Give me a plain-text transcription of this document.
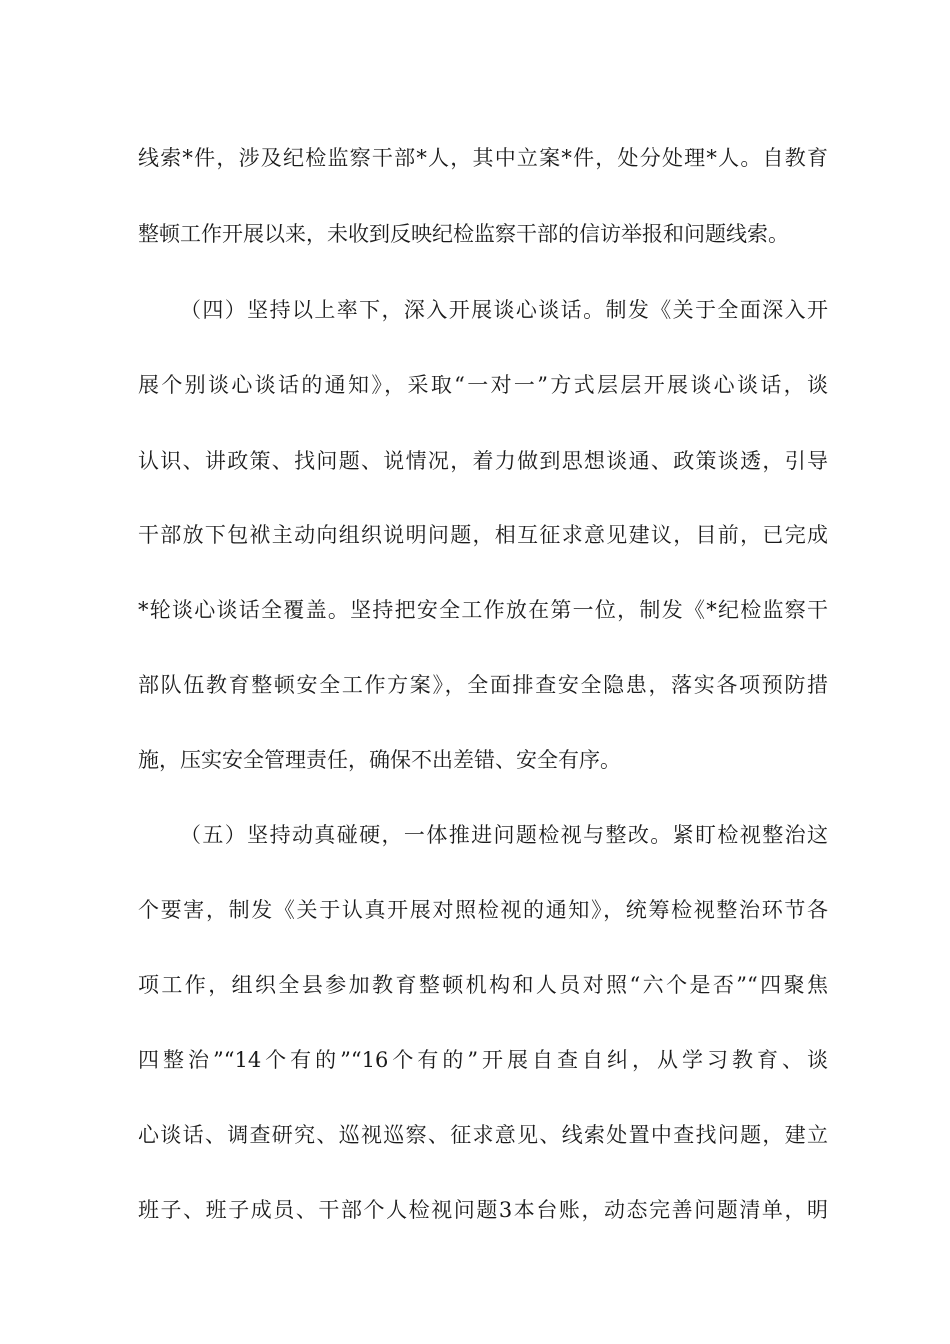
线索*件，涉及纪检监察干部*人，其中立案*件，处分处理*人。自教育
整顿工作开展以来，未收到反映纪检监察干部的信访举报和问题线索。
（四）坚持以上率下，深入开展谈心谈话。制发《关于全面深入开
展个别谈心谈话的通知》，采取“一对一”方式层层开展谈心谈话，谈
认识、讲政策、找问题、说情况，着力做到思想谈通、政策谈透，引导
干部放下包袱主动向组织说明问题，相互征求意见建议，目前，已完成
*轮谈心谈话全覆盖。坚持把安全工作放在第一位，制发《*纪检监察干
部队伍教育整顿安全工作方案》，全面排查安全隐患，落实各项预防措
施，压实安全管理责任，确保不出差错、安全有序。
（五）坚持动真碰硬，一体推进问题检视与整改。紧盯检视整治这
个要害，制发《关于认真开展对照检视的通知》，统筹检视整治环节各
项工作，组织全县参加教育整顿机构和人员对照“六个是否”“四聚焦
四整治”“14个有的”“16个有的”开展自查自纠，从学习教育、谈
心谈话、调查研究、巡视巡察、征求意见、线索处置中查找问题，建立
班子、班子成员、干部个人检视问题3本台账，动态完善问题清单，明
